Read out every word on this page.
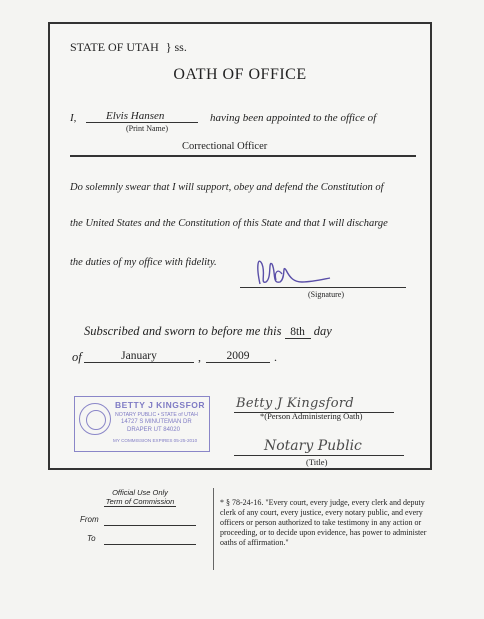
STATE OF UTAH } ss.
OATH OF OFFICE
I,	Elvis Hansen	having been appointed to the office of
(Print Name)
Correctional Officer
Do solemnly swear that I will support, obey and defend the Constitution of
the United States and the Constitution of this State and that I will discharge
the duties of my office with fidelity.
(Signature)
Subscribed and sworn to before me this 8th day
of	January	,	2009	.
BETTY J KINGSFOR
NOTARY PUBLIC • STATE of UTAH
14727 S MINUTEMAN DR
DRAPER UT 84020
MY COMMISSION EXPIRES 05-25-2010
Betty J Kingsford
*(Person Administering Oath)
Notary Public
(Title)
Official Use Only
Term of Commission
From
To
* § 78-24-16. "Every court, every judge, every clerk and deputy clerk of any court, every justice, every notary public, and every officers or person authorized to take testimony in any action or proceeding, or to decide upon evidence, has power to administer oaths of affirmation."
